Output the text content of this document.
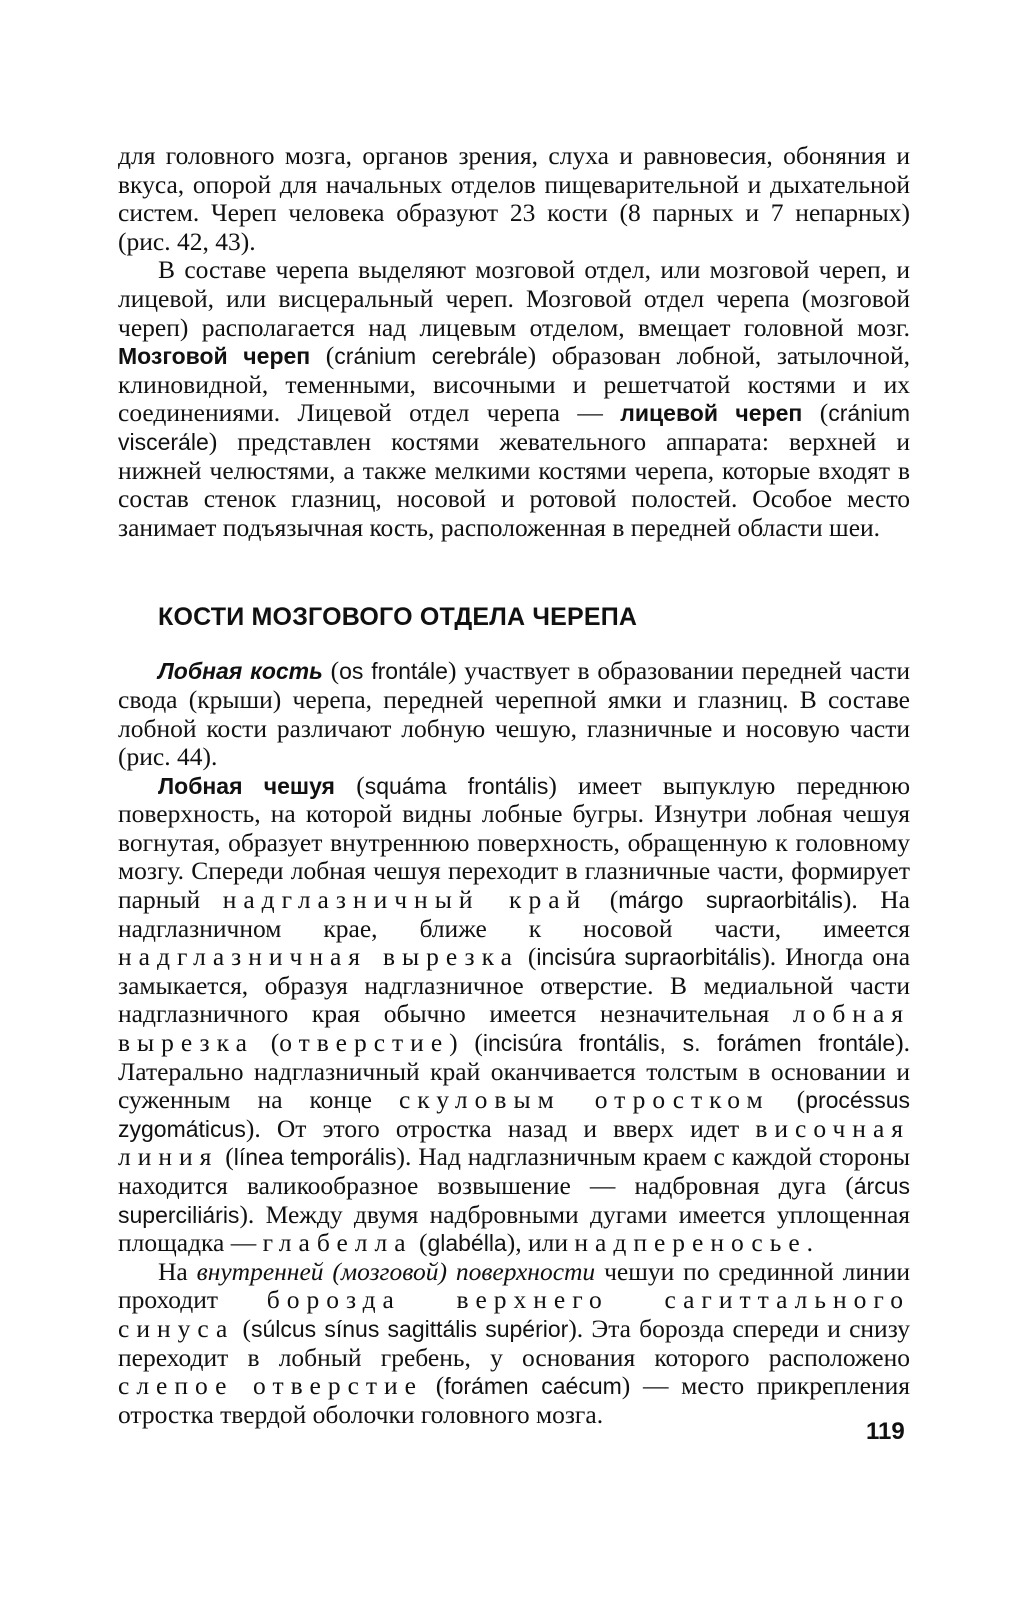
для головного мозга, органов зрения, слуха и равновесия, обоняния и вкуса, опорой для начальных отделов пищеварительной и дыхательной систем. Череп человека образуют 23 кости (8 парных и 7 непарных) (рис. 42, 43).

В составе черепа выделяют мозговой отдел, или мозговой череп, и лицевой, или висцеральный череп. Мозговой отдел черепа (мозговой череп) располагается над лицевым отделом, вмещает головной мозг. Мозговой череп (crа́nium cerebrа́le) образован лобной, затылочной, клиновидной, теменными, височными и решетчатой костями и их соединениями. Лицевой отдел черепа — лицевой череп (crа́nium viscerа́le) представлен костями жевательного аппарата: верхней и нижней челюстями, а также мелкими костями черепа, которые входят в состав стенок глазниц, носовой и ротовой полостей. Особое место занимает подъязычная кость, расположенная в передней области шеи.

КОСТИ МОЗГОВОГО ОТДЕЛА ЧЕРЕПА

Лобная кость (os frontа́le) участвует в образовании передней части свода (крыши) черепа, передней черепной ямки и глазниц. В составе лобной кости различают лобную чешую, глазничные и носовую части (рис. 44).

Лобная чешуя (squа́ma frontа́lis) имеет выпуклую переднюю поверхность, на которой видны лобные бугры. Изнутри лобная чешуя вогнутая, образует внутреннюю поверхность, обращенную к головному мозгу. Спереди лобная чешуя переходит в глазничные части, формирует парный надглазничный край (mа́rgo supraorbitа́lis). На надглазничном крае, ближе к носовой части, имеется надглазничная вырезка (incisúra supraorbitа́lis). Иногда она замыкается, образуя надглазничное отверстие. В медиальной части надглазничного края обычно имеется незначительная лобная вырезка (отверстие) (incisúra frontа́lis, s. forа́men frontа́le). Латерально надглазничный край оканчивается толстым в основании и суженным на конце скуловым отростком (procéssus zygomа́ticus). От этого отростка назад и вверх идет височная линия (línea temporа́lis). Над надглазничным краем с каждой стороны находится валикообразное возвышение — надбровная дуга (а́rcus superciliа́ris). Между двумя надбровными дугами имеется уплощенная площадка — глабелла (glabélla), или надпереносье.

На внутренней (мозговой) поверхности чешуи по срединной линии проходит борозда верхнего сагиттального синуса (súlcus sínus sagittа́lis supérior). Эта борозда спереди и снизу переходит в лобный гребень, у основания которого расположено слепое отверстие (forа́men caécum) — место прикрепления отростка твердой оболочки головного мозга.

119
